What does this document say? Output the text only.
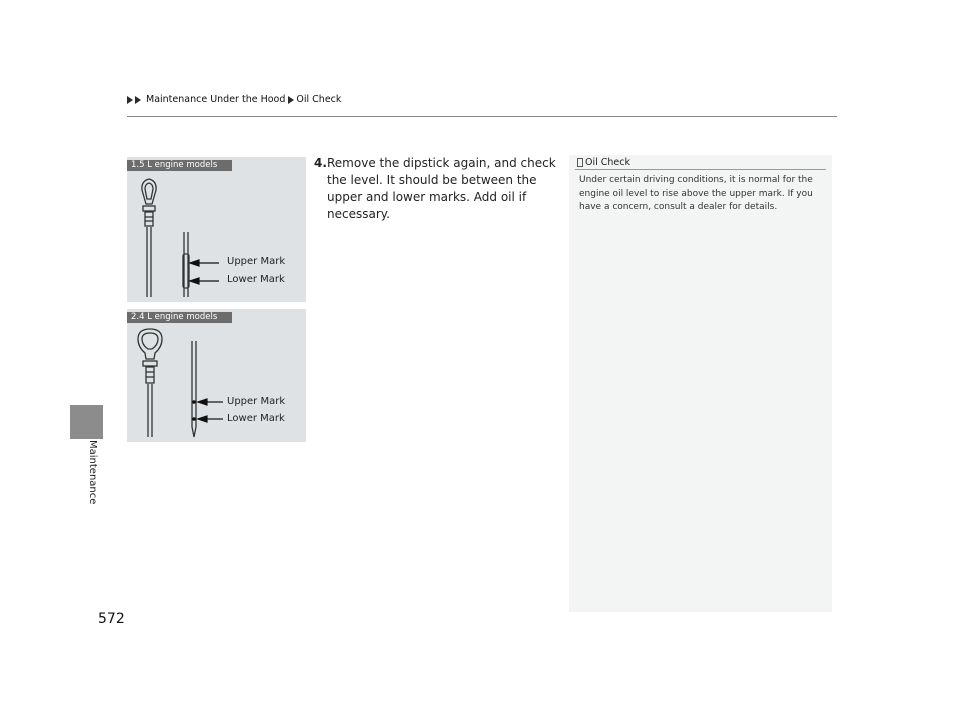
Maintenance Under the Hood Oil Check
Maintenance
572
1.5 L engine models
Upper Mark
Lower Mark
2.4 L engine models
Upper Mark
Lower Mark
4. Remove the dipstick again, and check the level. It should be between the upper and lower marks. Add oil if necessary.
Oil Check
Under certain driving conditions, it is normal for the engine oil level to rise above the upper mark. If you have a concern, consult a dealer for details.
